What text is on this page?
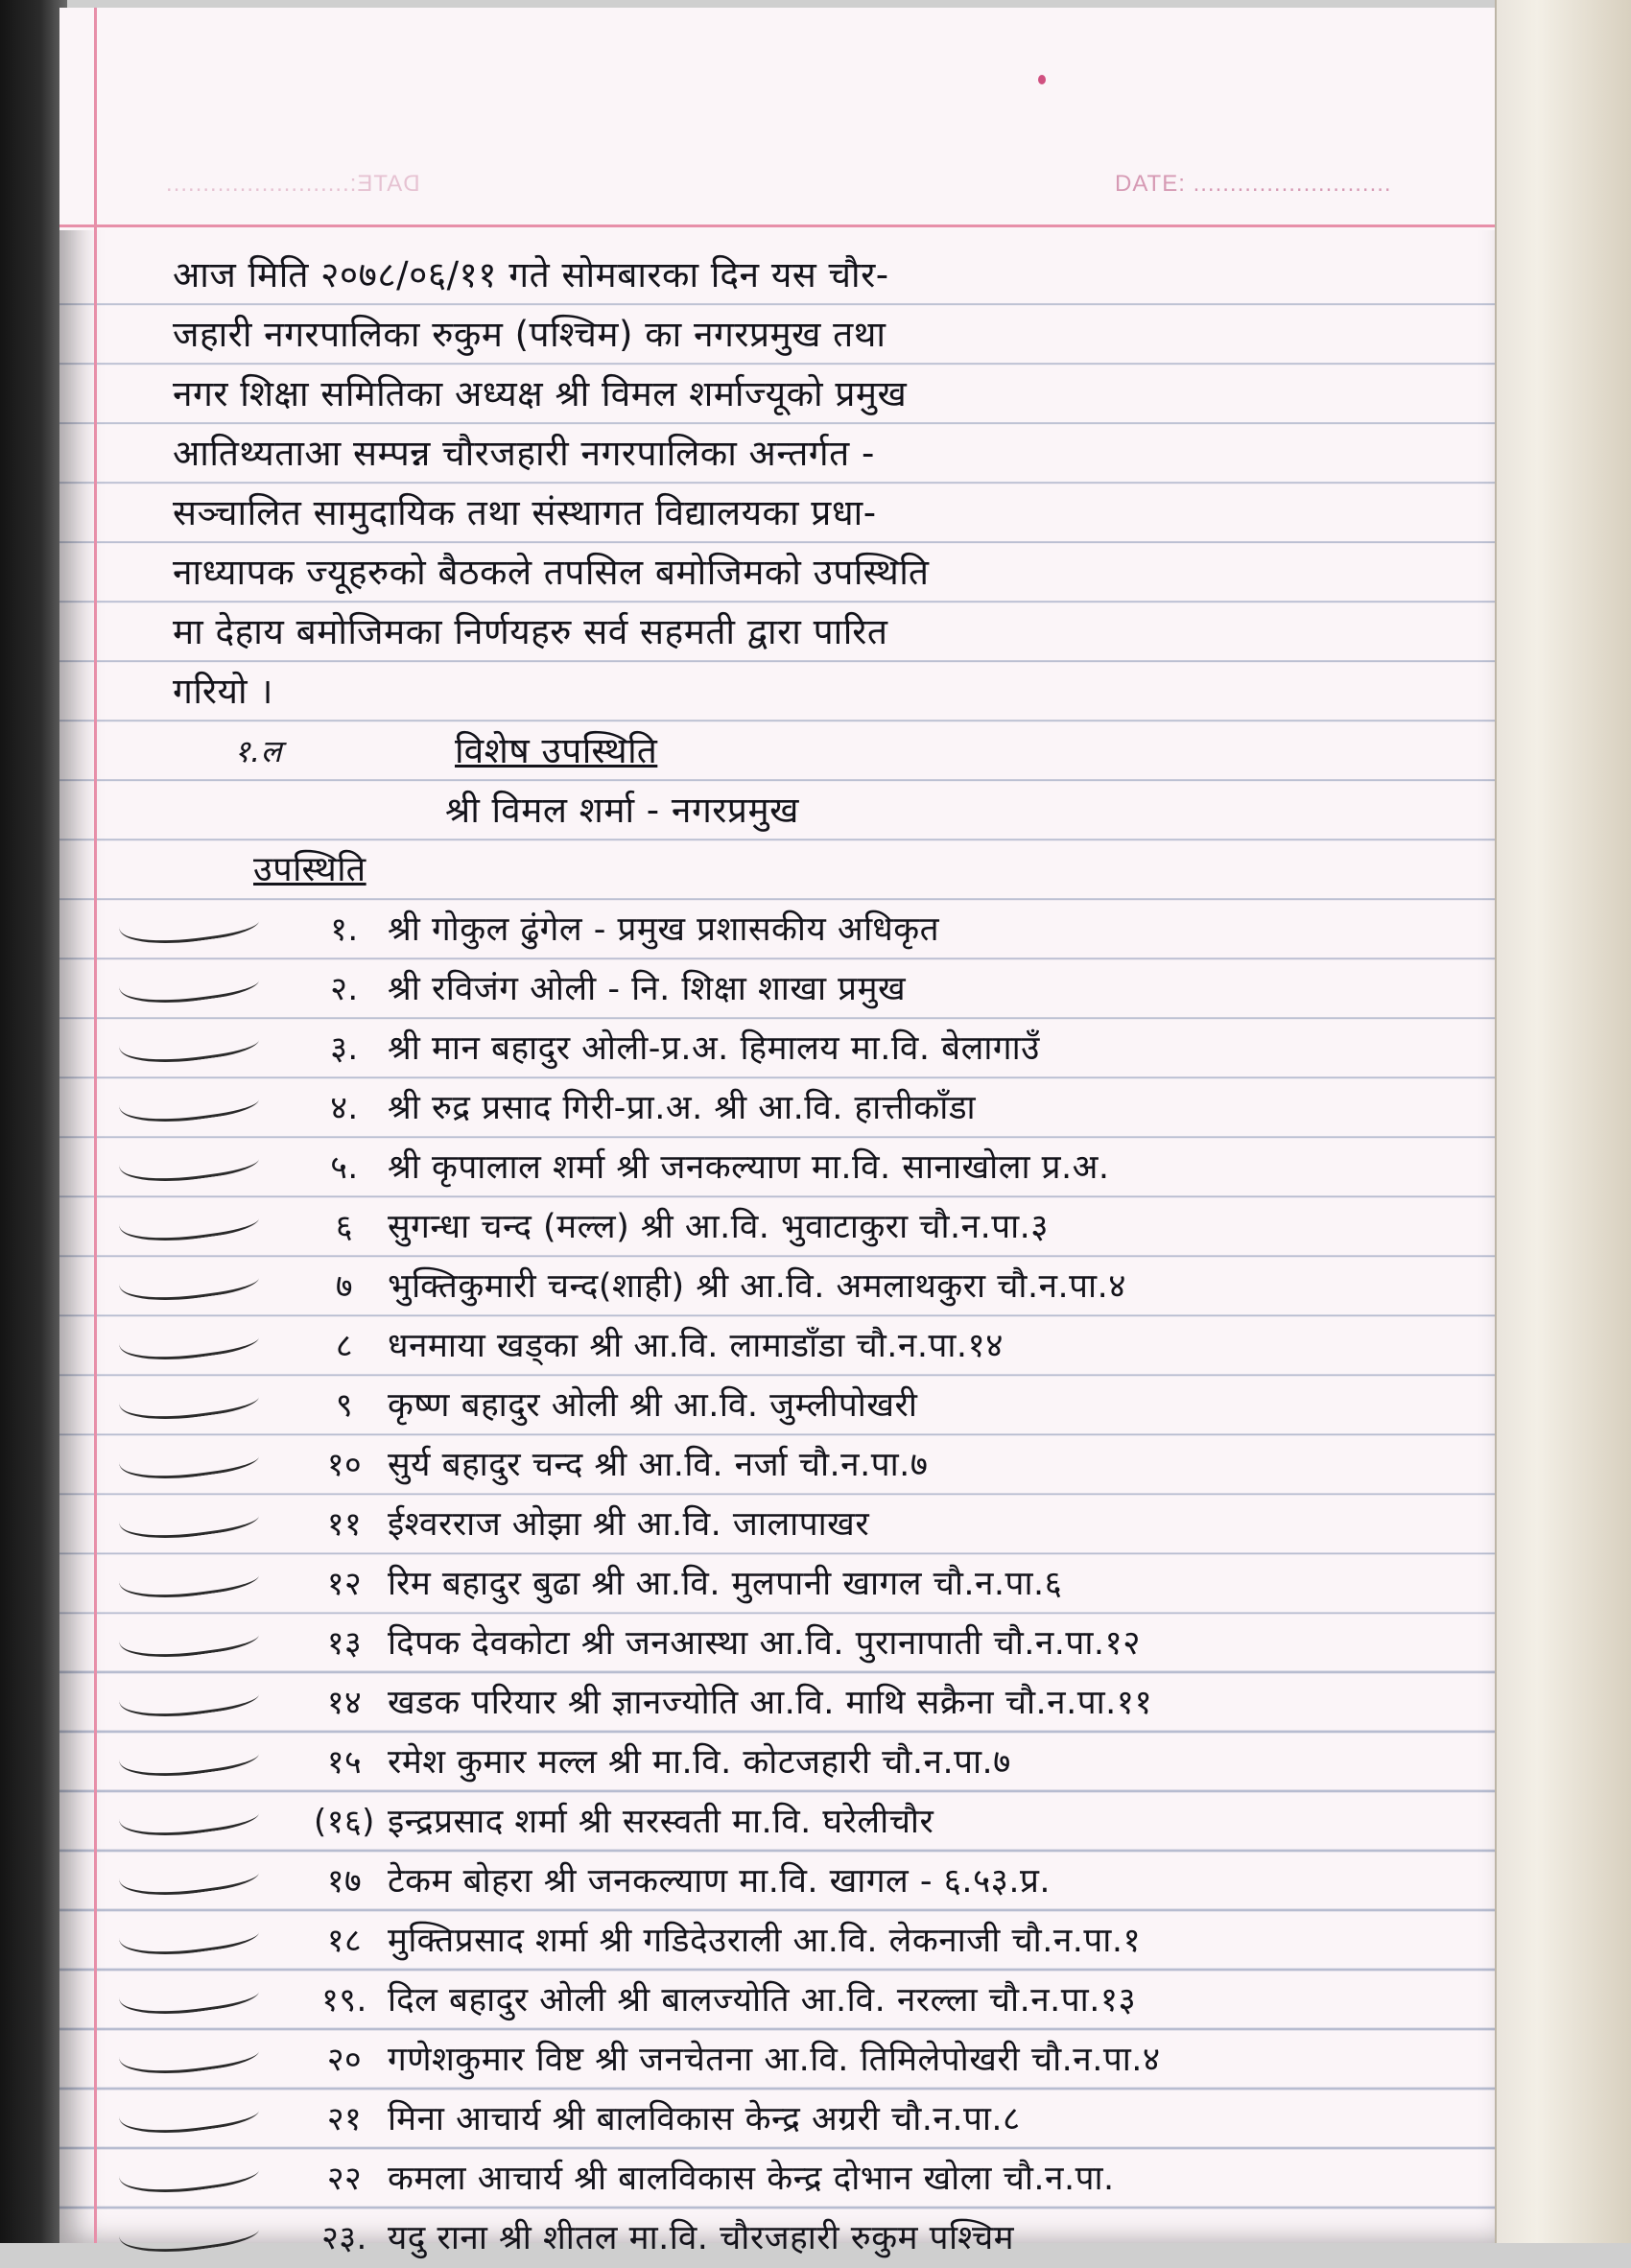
DATE:.........................	DATE: ...........................
आज मिति २०७८/०६/११ गते सोमबारका दिन यस चौर-
जहारी नगरपालिका रुकुम (पश्चिम) का नगरप्रमुख तथा
नगर शिक्षा समितिका अध्यक्ष श्री विमल शर्माज्यूको प्रमुख
आतिथ्यताआ सम्पन्न चौरजहारी नगरपालिका अन्तर्गत -
सञ्चालित सामुदायिक तथा संस्थागत विद्यालयका प्रधा-
नाध्यापक ज्यूहरुको बैठकले तपसिल बमोजिमको उपस्थिति
मा देहाय बमोजिमका निर्णयहरु सर्व सहमती द्वारा पारित
गरियो ।
१.ल	विशेष उपस्थिति
श्री विमल शर्मा - नगरप्रमुख
उपस्थिति
१. श्री गोकुल ढुंगेल - प्रमुख प्रशासकीय अधिकृत
२. श्री रविजंग ओली - नि. शिक्षा शाखा प्रमुख
३. श्री मान बहादुर ओली-प्र.अ. हिमालय मा.वि. बेलागाउँ
४. श्री रुद्र प्रसाद गिरी-प्रा.अ. श्री आ.वि. हात्तीकाँडा
५. श्री कृपालाल शर्मा श्री जनकल्याण मा.वि. सानाखोला प्र.अ.
६	सुगन्धा चन्द (मल्ल) श्री आ.वि. भुवाटाकुरा चौ.न.पा.३
७	भुक्तिकुमारी चन्द(शाही) श्री आ.वि. अमलाथकुरा चौ.न.पा.४
८	धनमाया खड्का श्री आ.वि. लामाडाँडा चौ.न.पा.१४
९	कृष्ण बहादुर ओली श्री आ.वि. जुम्लीपोखरी
१० सुर्य बहादुर चन्द श्री आ.वि. नर्जा चौ.न.पा.७
११ ईश्वरराज ओझा श्री आ.वि. जालापाखर
१२ रिम बहादुर बुढा श्री आ.वि. मुलपानी खागल चौ.न.पा.६
१३ दिपक देवकोटा श्री जनआस्था आ.वि. पुरानापाती चौ.न.पा.१२
१४ खडक परियार श्री ज्ञानज्योति आ.वि. माथि सक्रैना चौ.न.पा.११
१५ रमेश कुमार मल्ल श्री मा.वि. कोटजहारी चौ.न.पा.७
(१६) इन्द्रप्रसाद शर्मा श्री सरस्वती मा.वि. घरेलीचौर
१७ टेकम बोहरा श्री जनकल्याण मा.वि. खागल - ६.५३.प्र.
१८ मुक्तिप्रसाद शर्मा श्री गडिदेउराली आ.वि. लेकनाजी चौ.न.पा.१
१९. दिल बहादुर ओली श्री बालज्योति आ.वि. नरल्ला चौ.न.पा.१३
२० गणेशकुमार विष्ट श्री जनचेतना आ.वि. तिमिलेपोखरी चौ.न.पा.४
२१ मिना आचार्य श्री बालविकास केन्द्र अग्ररी चौ.न.पा.८
२२ कमला आचार्य श्री बालविकास केन्द्र दोभान खोला चौ.न.पा.
२३. यदु राना श्री शीतल मा.वि. चौरजहारी रुकुम पश्चिम
